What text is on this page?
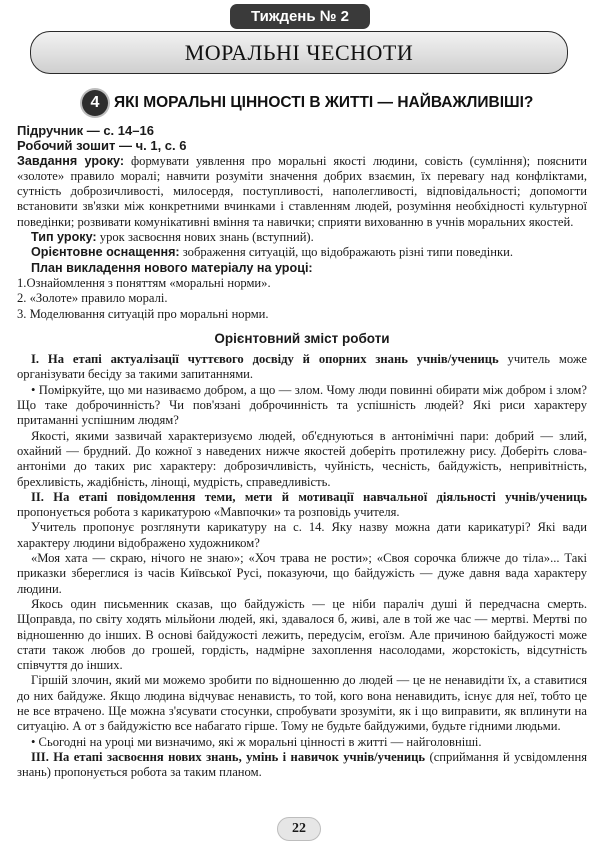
Тиждень № 2
МОРАЛЬНІ ЧЕСНОТИ
4 ЯКІ МОРАЛЬНІ ЦІННОСТІ В ЖИТТІ — НАЙВАЖЛИВІШІ?
Підручник — с. 14–16
Робочий зошит — ч. 1, с. 6

Завдання уроку: формувати уявлення про моральні якості людини, совість (сумління); пояснити «золоте» правило моралі; навчити розуміти значення добрих взаємин, їх перевагу над конфліктами, сутність доброзичливості, милосердя, поступливості, наполегливості, відповідальності; допомогти встановити зв'язки між конкретними вчинками і ставленням людей, розуміння необхідності культурної поведінки; розвивати комунікативні вміння та навички; сприяти вихованню в учнів моральних якостей.

Тип уроку: урок засвоєння нових знань (вступний).

Орієнтовне оснащення: зображення ситуацій, що відображають різні типи поведінки.

План викладення нового матеріалу на уроці:

1.Ознайомлення з поняттям «моральні норми».
2. «Золоте» правило моралі.
3. Моделювання ситуацій про моральні норми.
Орієнтовний зміст роботи

I. На етапі актуалізації чуттєвого досвіду й опорних знань учнів/учениць учитель може організувати бесіду за такими запитаннями.

• Поміркуйте, що ми називаємо добром, а що — злом. Чому люди повинні обирати між добром і злом? Що таке доброчинність? Чи пов'язані доброчинність та успішність людей? Які риси характеру притаманні успішним людям?

Якості, якими зазвичай характеризуємо людей, об'єднуються в антонімічні пари: добрий — злий, охайний — брудний. До кожної з наведених нижче якостей доберіть протилежну рису. Доберіть слова-антоніми до таких рис характеру: доброзичливість, чуйність, чесність, байдужість, непривітність, брехливість, жадібність, лінощі, мудрість, справедливість.

II. На етапі повідомлення теми, мети й мотивації навчальної діяльності учнів/учениць пропонується робота з карикатурою «Мавпочки» та розповідь учителя.

Учитель пропонує розглянути карикатуру на с. 14. Яку назву можна дати карикатурі? Які вади характеру людини відображено художником?

«Моя хата — скраю, нічого не знаю»; «Хоч трава не рости»; «Своя сорочка ближче до тіла»... Такі приказки збереглися із часів Київської Русі, показуючи, що байдужість — дуже давня вада характеру людини.

Якось один письменник сказав, що байдужість — це ніби параліч душі й передчасна смерть. Щоправда, по світу ходять мільйони людей, які, здавалося б, живі, але в той же час — мертві. Мертві по відношенню до інших. В основі байдужості лежить, передусім, егоїзм. Але причиною байдужості може стати також любов до грошей, гордість, надмірне захоплення насолодами, жорстокість, відсутність співчуття до інших.

Гіршій злочин, який ми можемо зробити по відношенню до людей — це не ненавидіти їх, а ставитися до них байдуже. Якщо людина відчуває ненависть, то той, кого вона ненавидить, існує для неї, тобто це не все втрачено. Ще можна з'ясувати стосунки, спробувати зрозуміти, як і що виправити, як вплинути на ситуацію. А от з байдужістю все набагато гірше. Тому не будьте байдужими, будьте гідними людьми.

• Сьогодні на уроці ми визначимо, які ж моральні цінності в житті — найголовніші.

III. На етапі засвоєння нових знань, умінь і навичок учнів/учениць (сприймання й усвідомлення знань) пропонується робота за таким планом.

22
